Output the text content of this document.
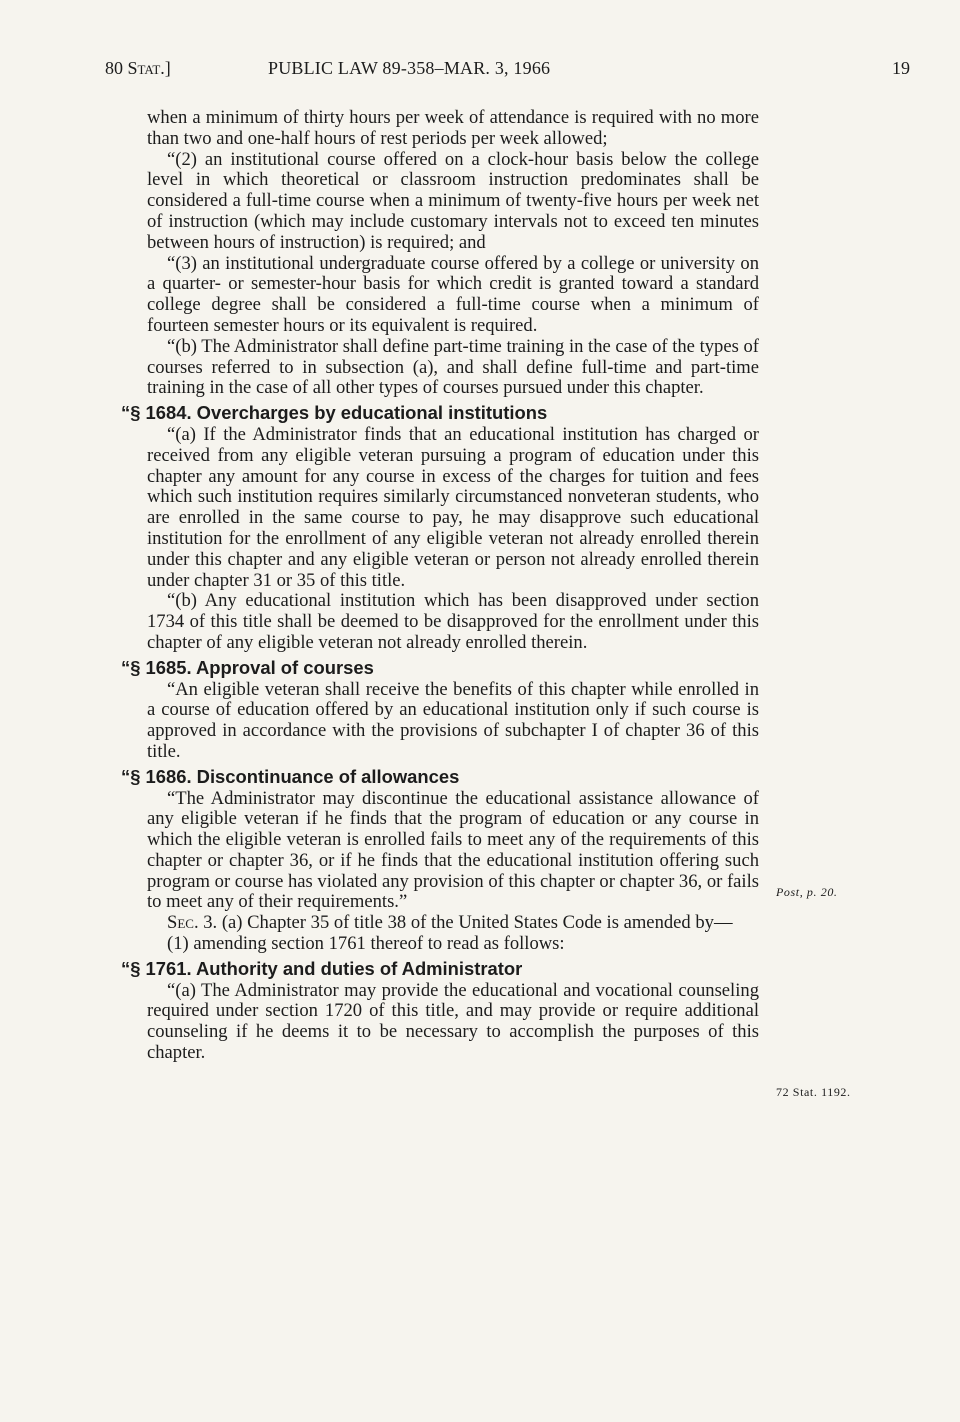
80 Stat.]	PUBLIC LAW 89-358–MAR. 3, 1966	19

when a minimum of thirty hours per week of attendance is required with no more than two and one-half hours of rest periods per week allowed;

“(2) an institutional course offered on a clock-hour basis below the college level in which theoretical or classroom instruction predominates shall be considered a full-time course when a minimum of twenty-five hours per week net of instruction (which may include customary intervals not to exceed ten minutes between hours of instruction) is required; and

“(3) an institutional undergraduate course offered by a college or university on a quarter- or semester-hour basis for which credit is granted toward a standard college degree shall be considered a full-time course when a minimum of fourteen semester hours or its equivalent is required.

“(b) The Administrator shall define part-time training in the case of the types of courses referred to in subsection (a), and shall define full-time and part-time training in the case of all other types of courses pursued under this chapter.

“§ 1684. Overcharges by educational institutions

“(a) If the Administrator finds that an educational institution has charged or received from any eligible veteran pursuing a program of education under this chapter any amount for any course in excess of the charges for tuition and fees which such institution requires similarly circumstanced nonveteran students, who are enrolled in the same course to pay, he may disapprove such educational institution for the enrollment of any eligible veteran not already enrolled therein under this chapter and any eligible veteran or person not already enrolled therein under chapter 31 or 35 of this title.

“(b) Any educational institution which has been disapproved under section 1734 of this title shall be deemed to be disapproved for the enrollment under this chapter of any eligible veteran not already enrolled therein.

“§ 1685. Approval of courses

“An eligible veteran shall receive the benefits of this chapter while enrolled in a course of education offered by an educational institution only if such course is approved in accordance with the provisions of subchapter I of chapter 36 of this title.

“§ 1686. Discontinuance of allowances

“The Administrator may discontinue the educational assistance allowance of any eligible veteran if he finds that the program of education or any course in which the eligible veteran is enrolled fails to meet any of the requirements of this chapter or chapter 36, or if he finds that the educational institution offering such program or course has violated any provision of this chapter or chapter 36, or fails to meet any of their requirements.”

Sec. 3. (a) Chapter 35 of title 38 of the United States Code is amended by—

(1) amending section 1761 thereof to read as follows:

“§ 1761. Authority and duties of Administrator

“(a) The Administrator may provide the educational and vocational counseling required under section 1720 of this title, and may provide or require additional counseling if he deems it to be necessary to accomplish the purposes of this chapter.

Post, p. 20.
72 Stat. 1192.
